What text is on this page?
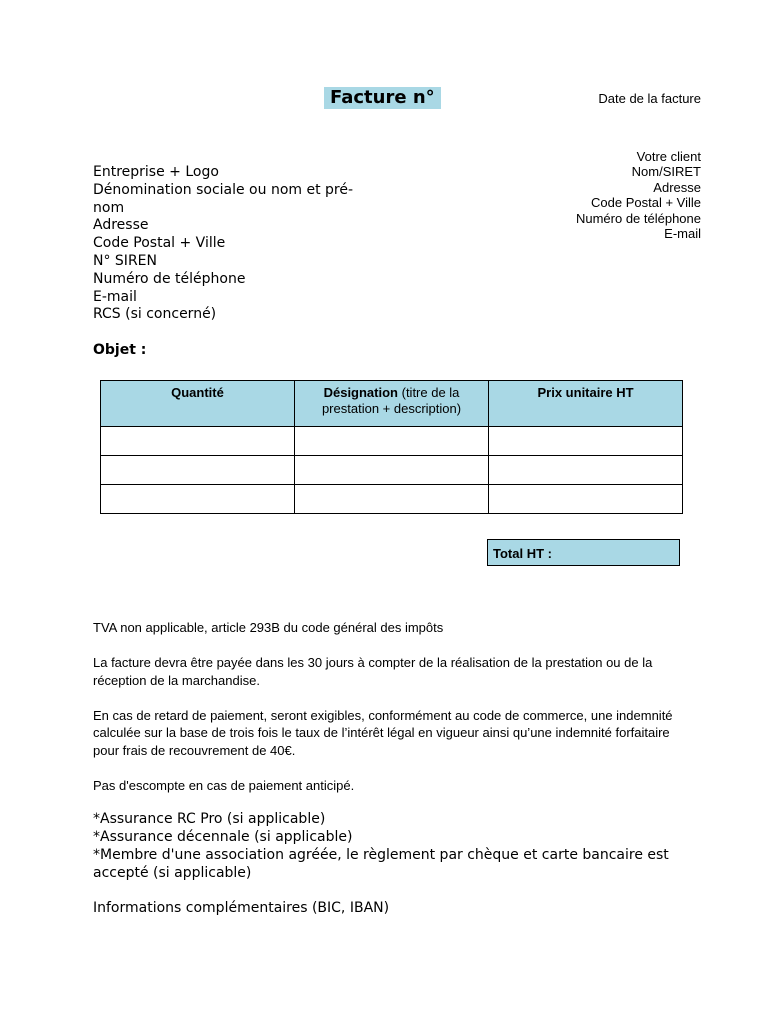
Facture n°	Date de la facture
Entreprise + Logo
Dénomination sociale ou nom et pré-
nom
Adresse
Code Postal + Ville
N° SIREN
Numéro de téléphone
E-mail
RCS (si concerné)
Votre client
Nom/SIRET
Adresse
Code Postal + Ville
Numéro de téléphone
E-mail
Objet :
Quantité	Désignation (titre de la prestation + description)	Prix unitaire HT

Total HT :

TVA non applicable, article 293B du code général des impôts

La facture devra être payée dans les 30 jours à compter de la réalisation de la prestation ou de la réception de la marchandise.

En cas de retard de paiement, seront exigibles, conformément au code de commerce, une indemnité calculée sur la base de trois fois le taux de l’intérêt légal en vigueur ainsi qu’une indemnité forfaitaire pour frais de recouvrement de 40€.

Pas d'escompte en cas de paiement anticipé.

*Assurance RC Pro (si applicable)
*Assurance décennale (si applicable)
*Membre d'une association agréée, le règlement par chèque et carte bancaire est accepté (si applicable)
Informations complémentaires (BIC, IBAN)
